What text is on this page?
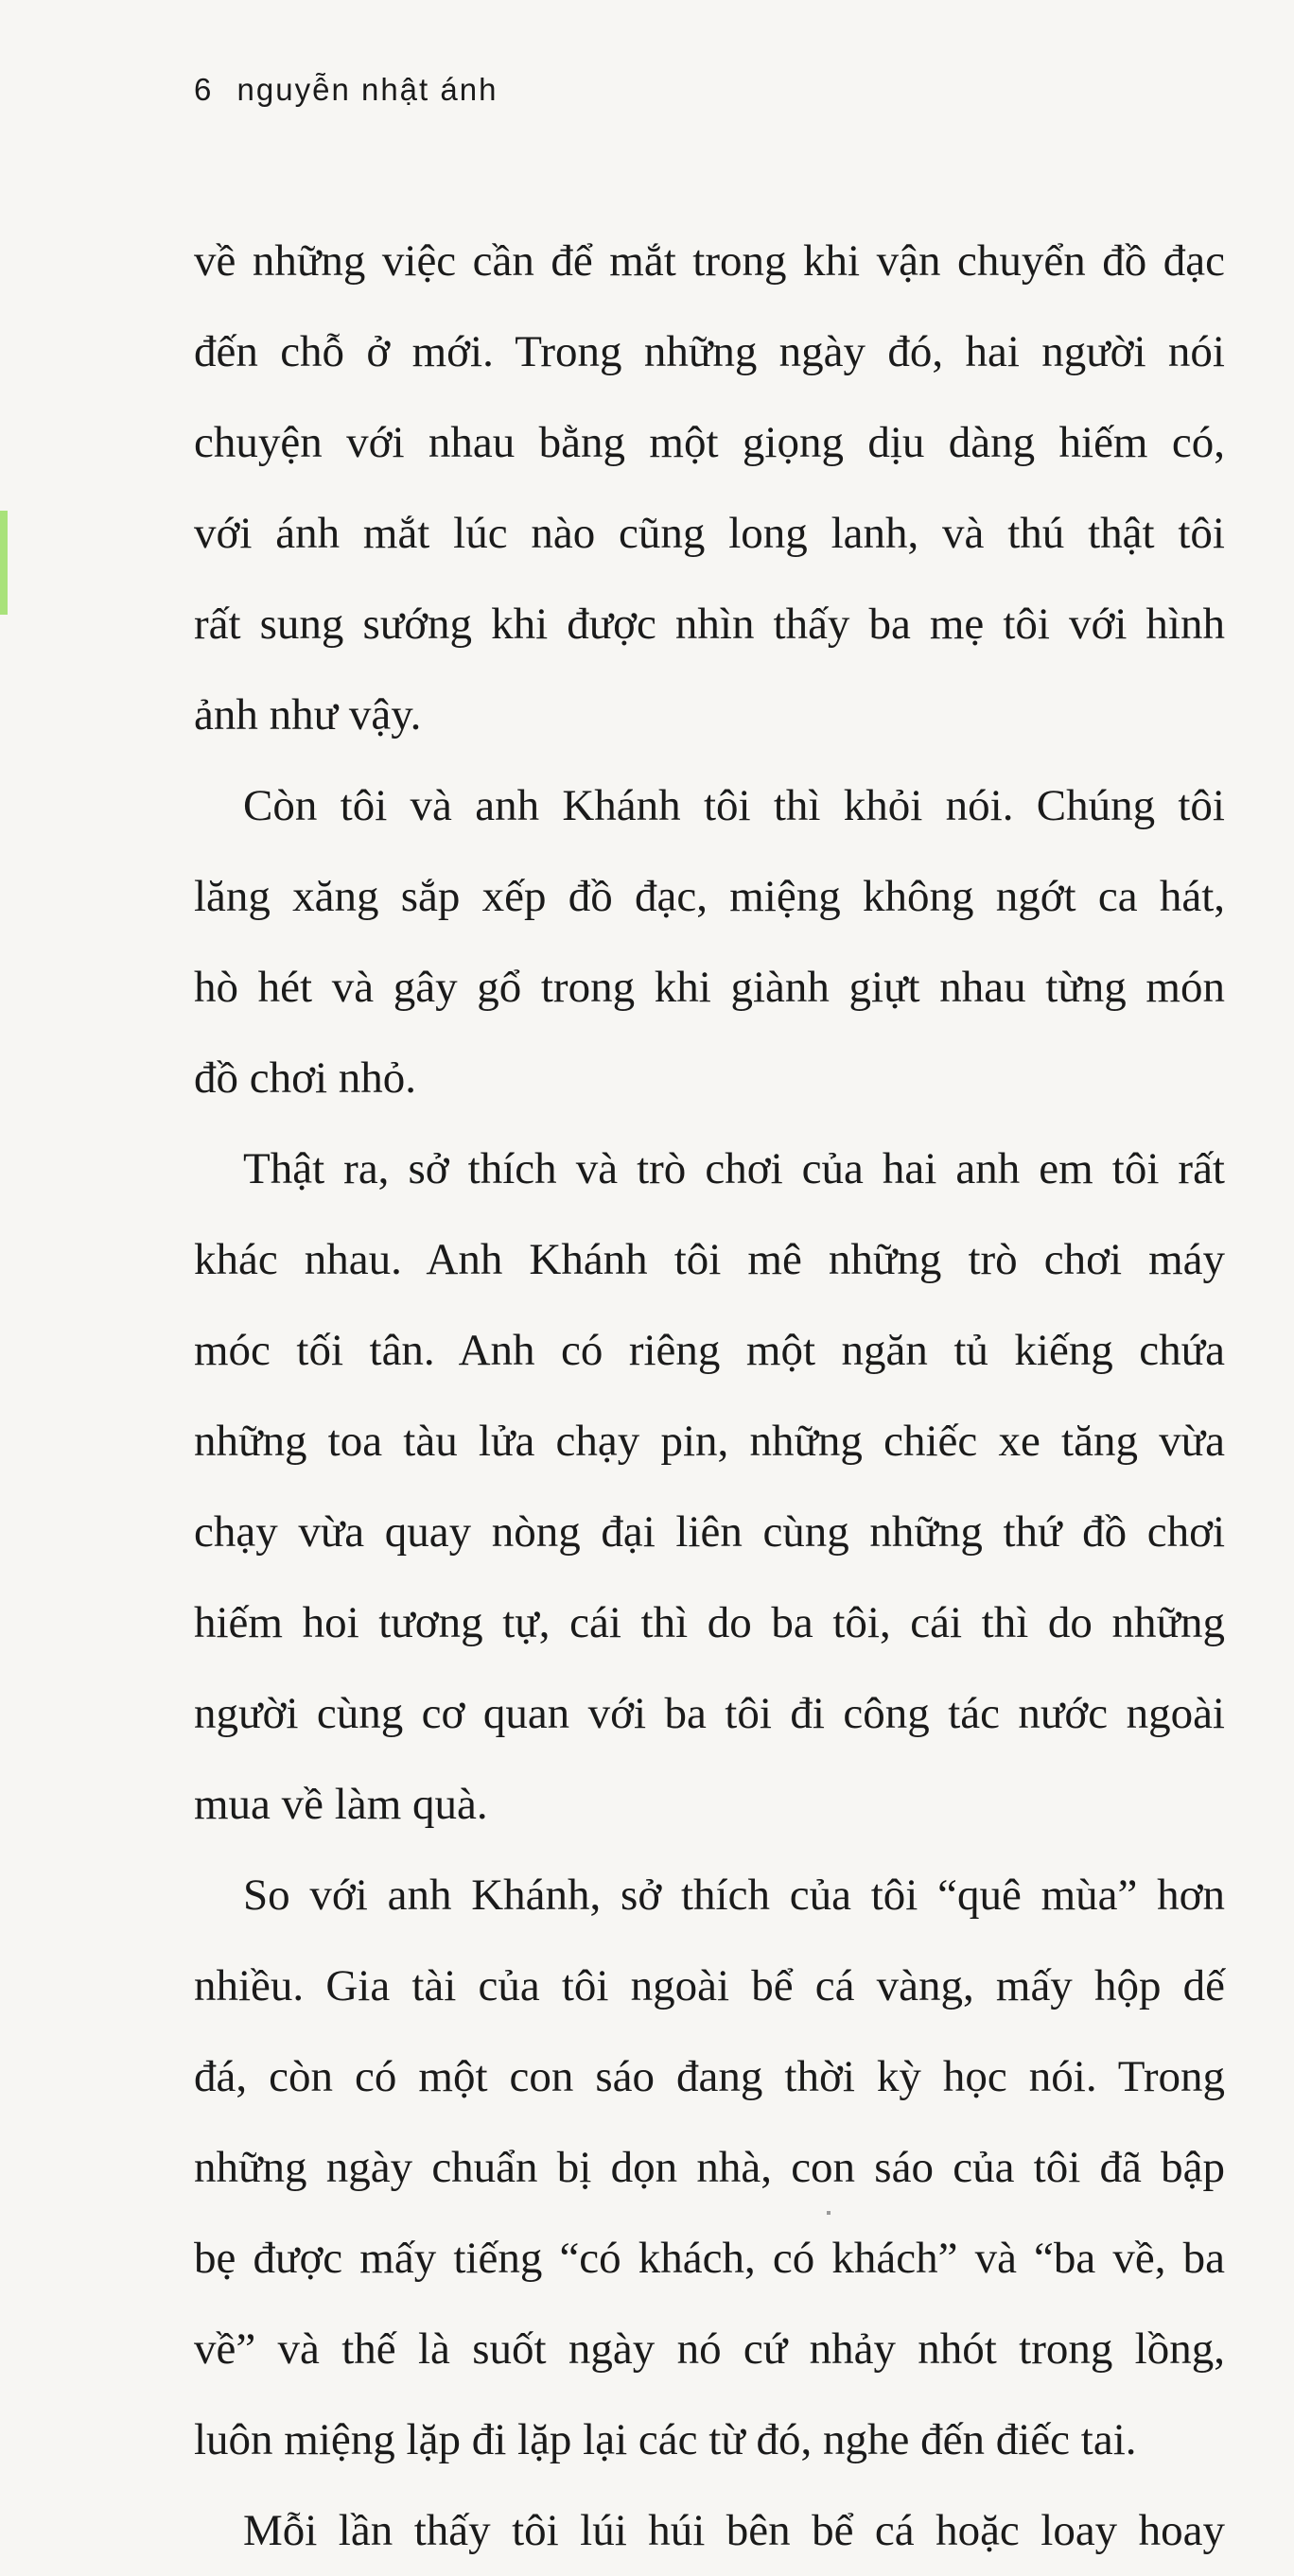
6 nguyễn nhật ánh
về những việc cần để mắt trong khi vận chuyển đồ đạc
đến chỗ ở mới. Trong những ngày đó, hai người nói
chuyện với nhau bằng một giọng dịu dàng hiếm có,
với ánh mắt lúc nào cũng long lanh, và thú thật tôi
rất sung sướng khi được nhìn thấy ba mẹ tôi với hình
ảnh như vậy.
Còn tôi và anh Khánh tôi thì khỏi nói. Chúng tôi
lăng xăng sắp xếp đồ đạc, miệng không ngớt ca hát,
hò hét và gây gổ trong khi giành giựt nhau từng món
đồ chơi nhỏ.
Thật ra, sở thích và trò chơi của hai anh em tôi rất
khác nhau. Anh Khánh tôi mê những trò chơi máy
móc tối tân. Anh có riêng một ngăn tủ kiếng chứa
những toa tàu lửa chạy pin, những chiếc xe tăng vừa
chạy vừa quay nòng đại liên cùng những thứ đồ chơi
hiếm hoi tương tự, cái thì do ba tôi, cái thì do những
người cùng cơ quan với ba tôi đi công tác nước ngoài
mua về làm quà.
So với anh Khánh, sở thích của tôi “quê mùa” hơn
nhiều. Gia tài của tôi ngoài bể cá vàng, mấy hộp dế
đá, còn có một con sáo đang thời kỳ học nói. Trong
những ngày chuẩn bị dọn nhà, con sáo của tôi đã bập
bẹ được mấy tiếng “có khách, có khách” và “ba về, ba
về” và thế là suốt ngày nó cứ nhảy nhót trong lồng,
luôn miệng lặp đi lặp lại các từ đó, nghe đến điếc tai.
Mỗi lần thấy tôi lúi húi bên bể cá hoặc loay hoay
